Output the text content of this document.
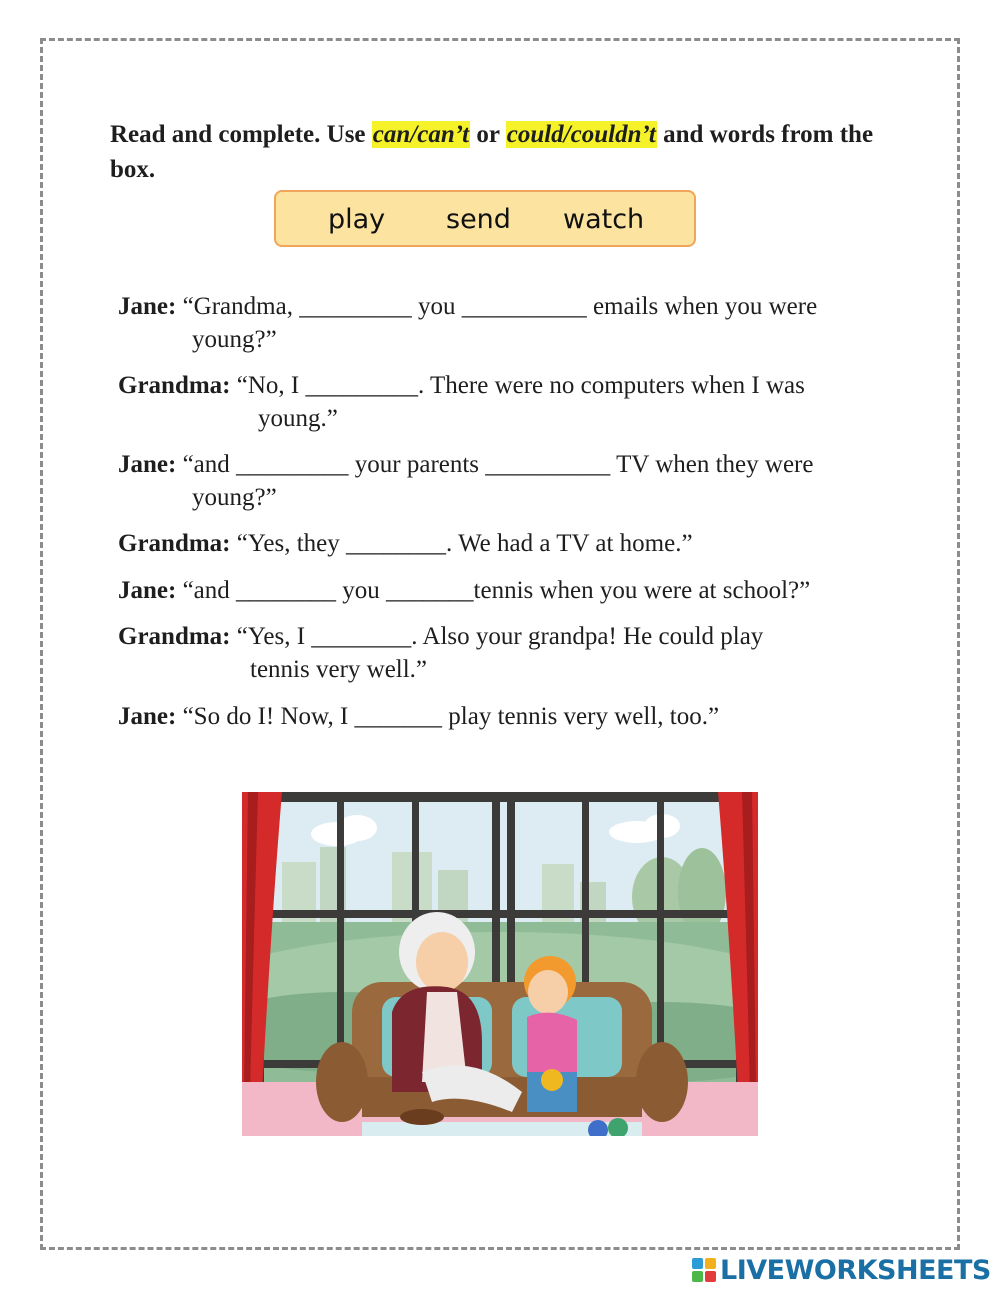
Read and complete. Use can/can’t or could/couldn’t and words from the box.
play send watch
Jane: “Grandma, _________ you __________ emails when you were
young?”
Grandma: “No, I _________. There were no computers when I was
young.”
Jane: “and _________ your parents __________ TV when they were
young?”
Grandma: “Yes, they ________. We had a TV at home.”
Jane: “and ________ you _______tennis when you were at school?”
Grandma: “Yes, I ________. Also your grandpa! He could play
tennis very well.”
Jane: “So do I! Now, I _______ play tennis very well, too.”
LIVEWORKSHEETS
